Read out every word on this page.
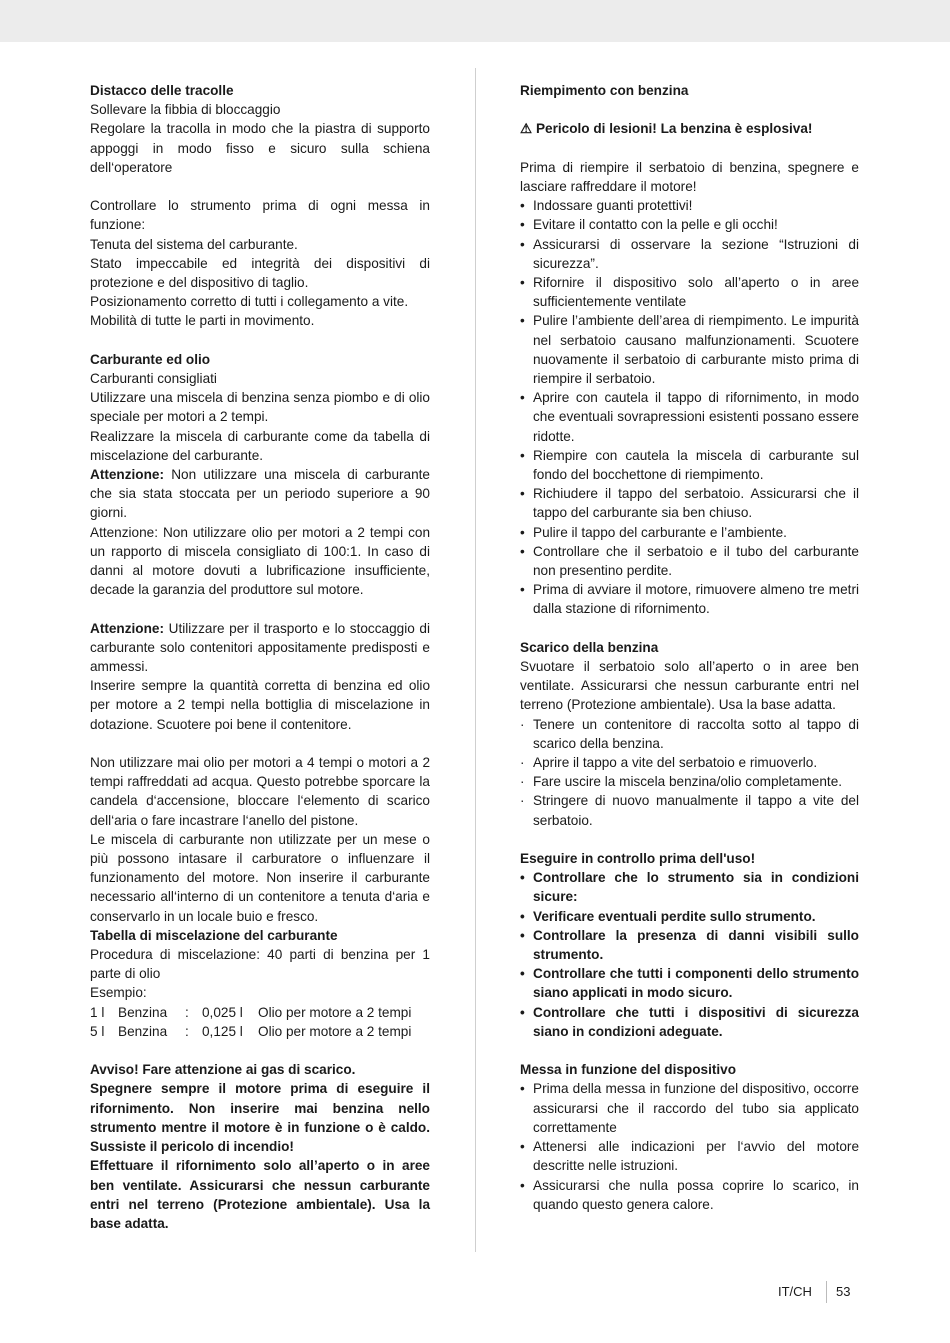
Distacco delle tracolle

Sollevare la fibbia di bloccaggio

Regolare la tracolla in modo che la piastra di supporto appoggi in modo fisso e sicuro sulla schiena dell‘operatore

Controllare lo strumento prima di ogni messa in funzione:

Tenuta del sistema del carburante.

Stato impeccabile ed integrità dei dispositivi di protezione e del dispositivo di taglio.

Posizionamento corretto di tutti i collegamento a vite.

Mobilità di tutte le parti in movimento.

Carburante ed olio

Carburanti consigliati

Utilizzare una miscela di benzina senza piombo e di olio speciale per motori a 2 tempi.

Realizzare la miscela di carburante come da tabella di miscelazione del carburante.

Attenzione: Non utilizzare una miscela di carburante che sia stata stoccata per un periodo superiore a 90 giorni.

Attenzione: Non utilizzare olio per motori a 2 tempi con un rapporto di miscela consigliato di 100:1. In caso di danni al motore dovuti a lubrificazione insufficiente, decade la garanzia del produttore sul motore.

Attenzione: Utilizzare per il trasporto e lo stoccaggio di carburante solo contenitori appositamente predisposti e ammessi.

Inserire sempre la quantità corretta di benzina ed olio per motore a 2 tempi nella bottiglia di miscelazione in dotazione. Scuotere poi bene il contenitore.

Non utilizzare mai olio per motori a 4 tempi o motori a 2 tempi raffreddati ad acqua. Questo potrebbe sporcare la candela d‘accensione, bloccare l‘elemento di scarico dell‘aria o fare incastrare l‘anello del pistone.

Le miscela di carburante non utilizzate per un mese o più possono intasare il carburatore o influenzare il funzionamento del motore. Non inserire il carburante necessario all‘interno di un contenitore a tenuta d‘aria e conservarlo in un locale buio e fresco.

Tabella di miscelazione del carburante

Procedura di miscelazione: 40 parti di benzina per 1 parte di olio

Esempio:

1 l	Benzina	: 0,025 l	Olio per motore a 2 tempi
5 l	Benzina	: 0,125 l	Olio per motore a 2 tempi

Avviso! Fare attenzione ai gas di scarico.
Spegnere sempre il motore prima di eseguire il rifornimento. Non inserire mai benzina nello strumento mentre il motore è in funzione o è caldo. Sussiste il pericolo di incendio!
Effettuare il rifornimento solo all’aperto o in aree ben ventilate. Assicurarsi che nessun carburante entri nel terreno (Protezione ambientale). Usa la base adatta.

Riempimento con benzina

⚠ Pericolo di lesioni! La benzina è esplosiva!

Prima di riempire il serbatoio di benzina, spegnere e lasciare raffreddare il motore!

• Indossare guanti protettivi!
• Evitare il contatto con la pelle e gli occhi!
• Assicurarsi di osservare la sezione “Istruzioni di sicurezza”.
• Rifornire il dispositivo solo all’aperto o in aree sufficientemente ventilate
• Pulire l’ambiente dell’area di riempimento. Le impurità nel serbatoio causano malfunzionamenti. Scuotere nuovamente il serbatoio di carburante misto prima di riempire il serbatoio.
• Aprire con cautela il tappo di rifornimento, in modo che eventuali sovrapressioni esistenti possano essere ridotte.
• Riempire con cautela la miscela di carburante sul fondo del bocchettone di riempimento.
• Richiudere il tappo del serbatoio. Assicurarsi che il tappo del carburante sia ben chiuso.
• Pulire il tappo del carburante e l’ambiente.
• Controllare che il serbatoio e il tubo del carburante non presentino perdite.
• Prima di avviare il motore, rimuovere almeno tre metri dalla stazione di rifornimento.

Scarico della benzina

Svuotare il serbatoio solo all’aperto o in aree ben ventilate. Assicurarsi che nessun carburante entri nel terreno (Protezione ambientale). Usa la base adatta.

· Tenere un contenitore di raccolta sotto al tappo di scarico della benzina.
· Aprire il tappo a vite del serbatoio e rimuoverlo.
· Fare uscire la miscela benzina/olio completamente.
· Stringere di nuovo manualmente il tappo a vite del serbatoio.

Eseguire in controllo prima dell'uso!

• Controllare che lo strumento sia in condizioni sicure:
• Verificare eventuali perdite sullo strumento.
• Controllare la presenza di danni visibili sullo strumento.
• Controllare che tutti i componenti dello strumento siano applicati in modo sicuro.
• Controllare che tutti i dispositivi di sicurezza siano in condizioni adeguate.

Messa in funzione del dispositivo

• Prima della messa in funzione del dispositivo, occorre assicurarsi che il raccordo del tubo sia applicato correttamente
• Attenersi alle indicazioni per l‘avvio del motore descritte nelle istruzioni.
• Assicurarsi che nulla possa coprire lo scarico, in quando questo genera calore.
IT/CH 53
